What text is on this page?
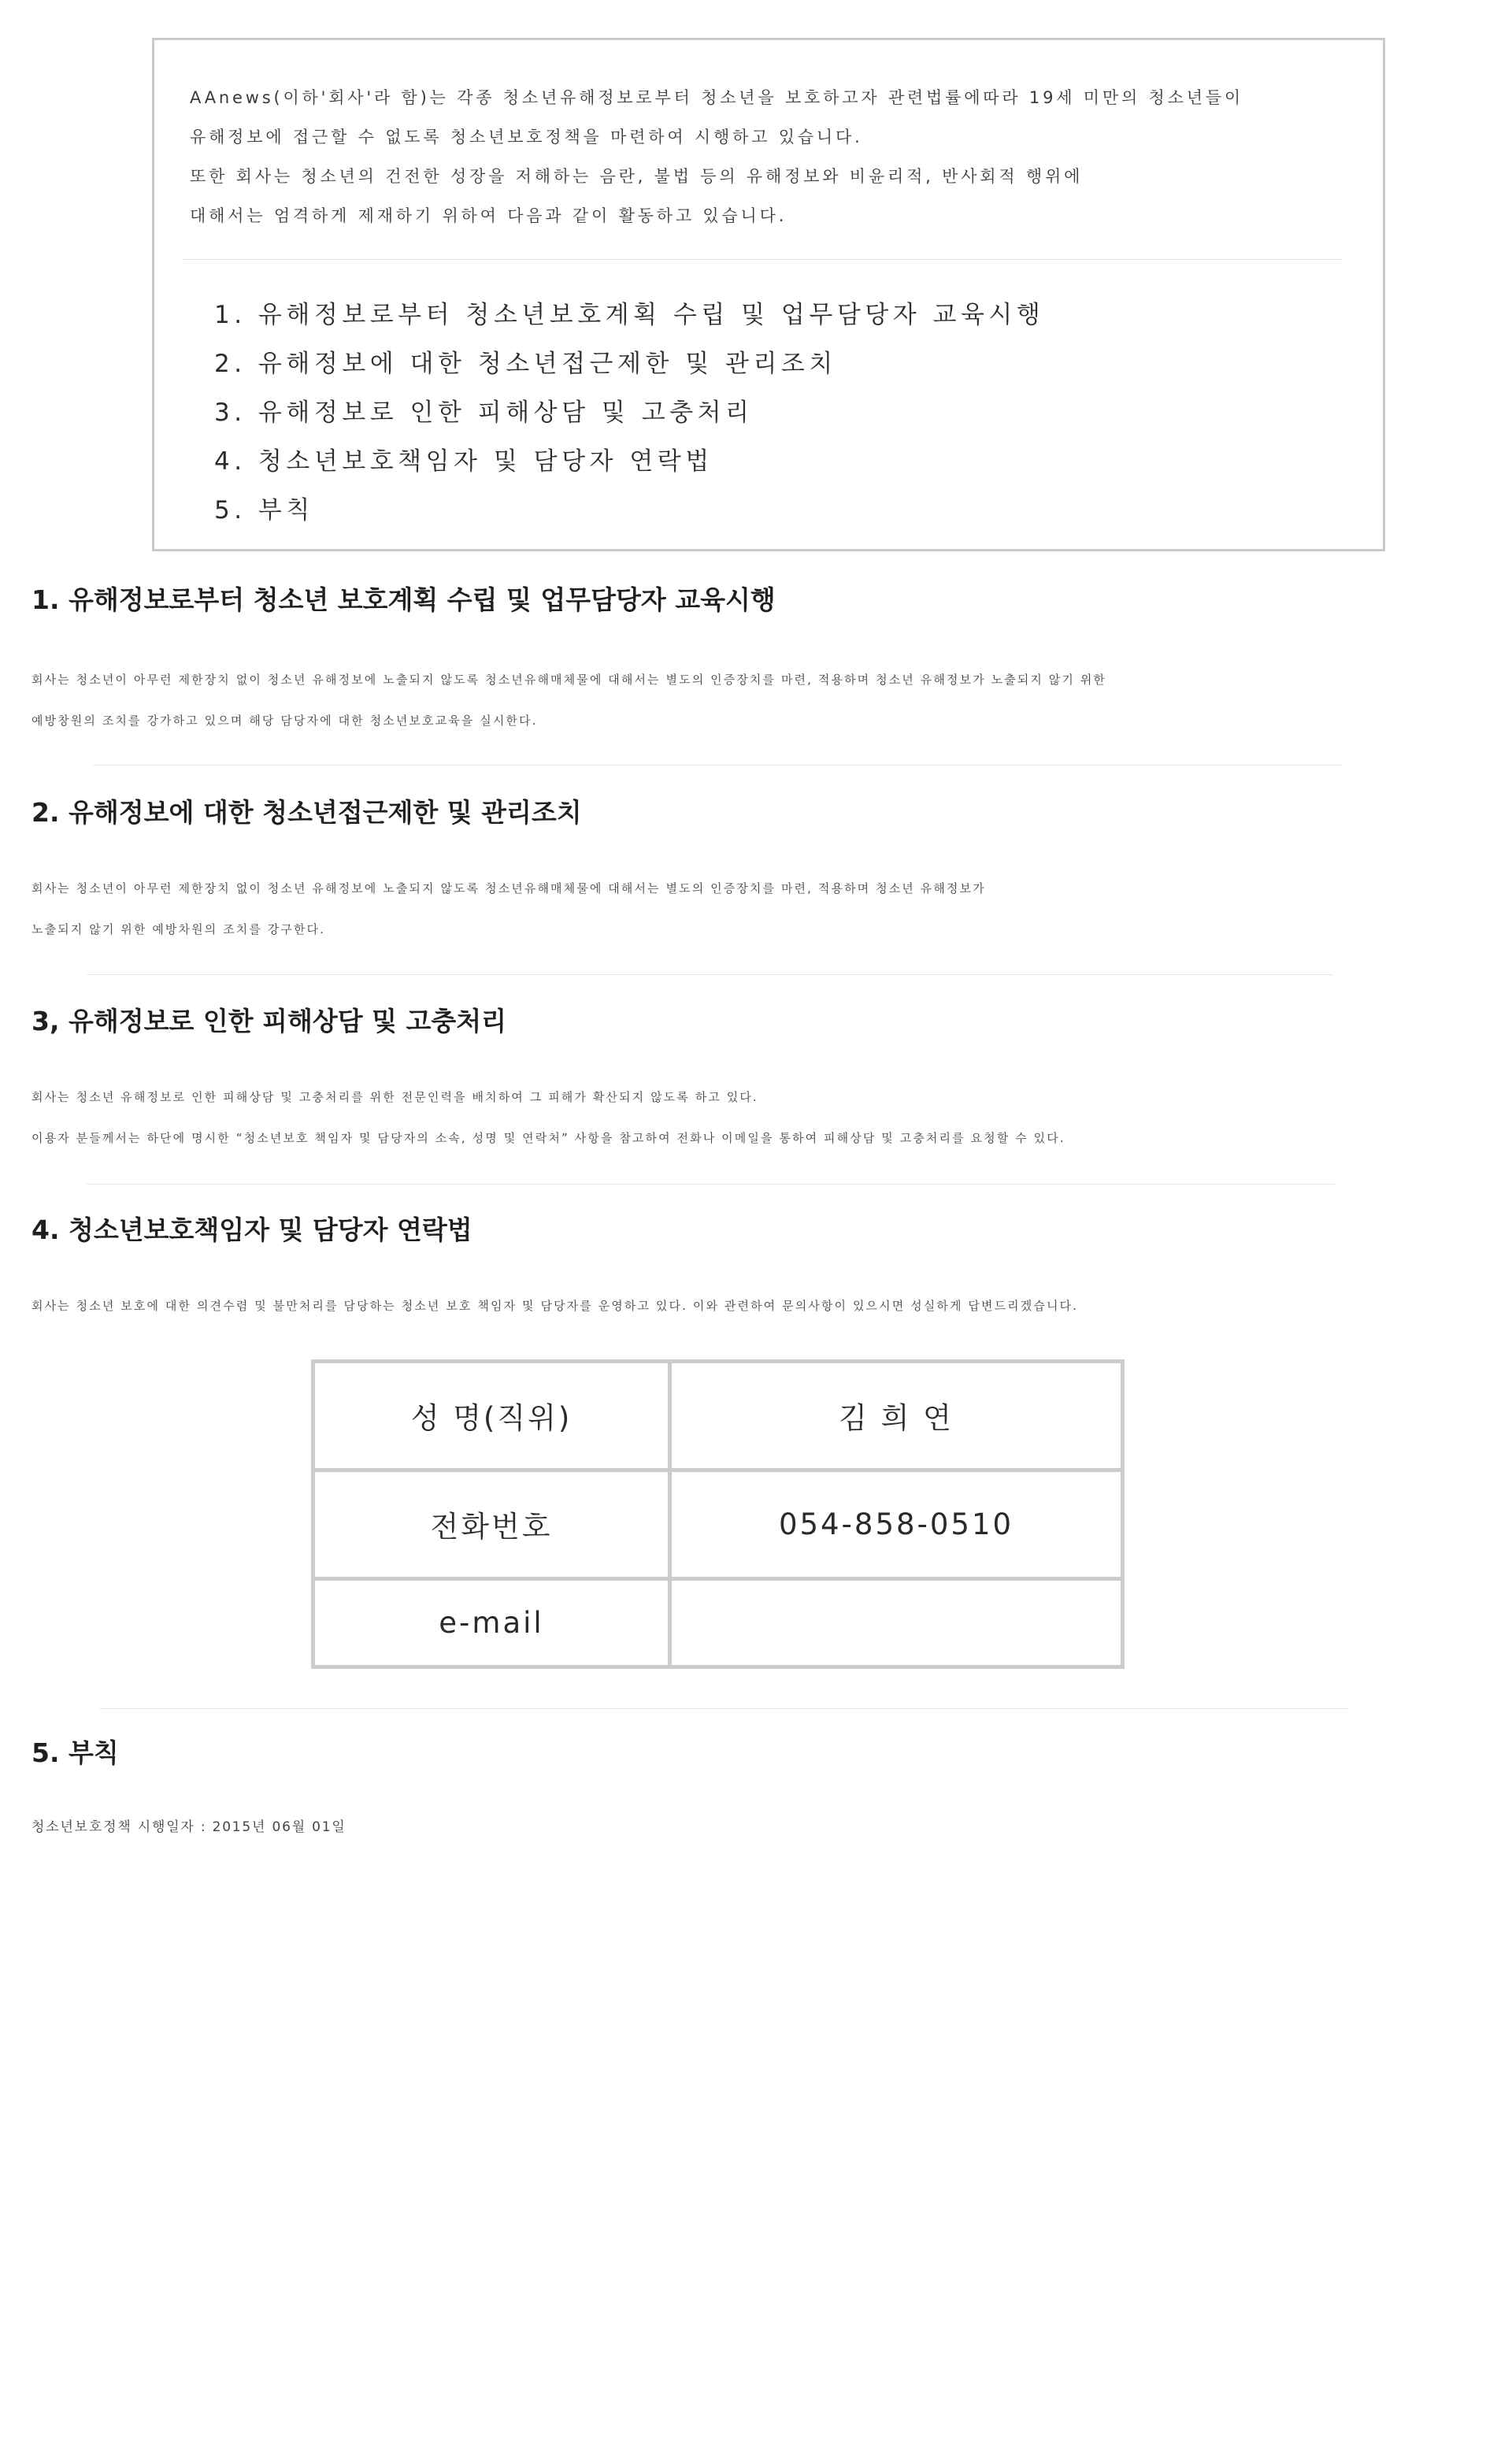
AAnews(이하'회사'라 함)는 각종 청소년유해정보로부터 청소년을 보호하고자 관련법률에따라 19세 미만의 청소년들이
유해정보에 접근할 수 없도록 청소년보호정책을 마련하여 시행하고 있습니다.
또한 회사는 청소년의 건전한 성장을 저해하는 음란, 불법 등의 유해정보와 비윤리적, 반사회적 행위에
대해서는 엄격하게 제재하기 위하여 다음과 같이 활동하고 있습니다.

1. 유해정보로부터 청소년보호계획 수립 및 업무담당자 교육시행
2. 유해정보에 대한 청소년접근제한 및 관리조치
3. 유해정보로 인한 피해상담 및 고충처리
4. 청소년보호책임자 및 담당자 연락법
5. 부칙
1. 유해정보로부터 청소년 보호계획 수립 및 업무담당자 교육시행

회사는 청소년이 아무런 제한장치 없이 청소년 유해정보에 노출되지 않도록 청소년유해매체물에 대해서는 별도의 인증장치를 마련, 적용하며 청소년 유해정보가 노출되지 않기 위한
예방창원의 조치를 강가하고 있으며 해당 담당자에 대한 청소년보호교육을 실시한다.

2. 유해정보에 대한 청소년접근제한 및 관리조치

회사는 청소년이 아무런 제한장치 없이 청소년 유해정보에 노출되지 않도록 청소년유해매체물에 대해서는 별도의 인증장치를 마련, 적용하며 청소년 유해정보가
노출되지 않기 위한 예방차원의 조치를 강구한다.

3, 유해정보로 인한 피해상담 및 고충처리

회사는 청소년 유해정보로 인한 피해상담 및 고충처리를 위한 전문인력을 배치하여 그 피해가 확산되지 않도록 하고 있다.
이용자 분들께서는 하단에 명시한 “청소년보호 책임자 및 담당자의 소속, 성명 및 연락처” 사항을 참고하여 전화나 이메일을 통하여 피해상담 및 고충처리를 요청할 수 있다.

4. 청소년보호책임자 및 담당자 연락법

회사는 청소년 보호에 대한 의견수렴 및 불만처리를 담당하는 청소년 보호 책임자 및 담당자를 운영하고 있다. 이와 관련하여 문의사항이 있으시면 성실하게 답변드리겠습니다.

성 명(직위)	김 희 연
전화번호	054-858-0510
e-mail	
5. 부칙

청소년보호정책 시행일자 : 2015년 06월 01일
